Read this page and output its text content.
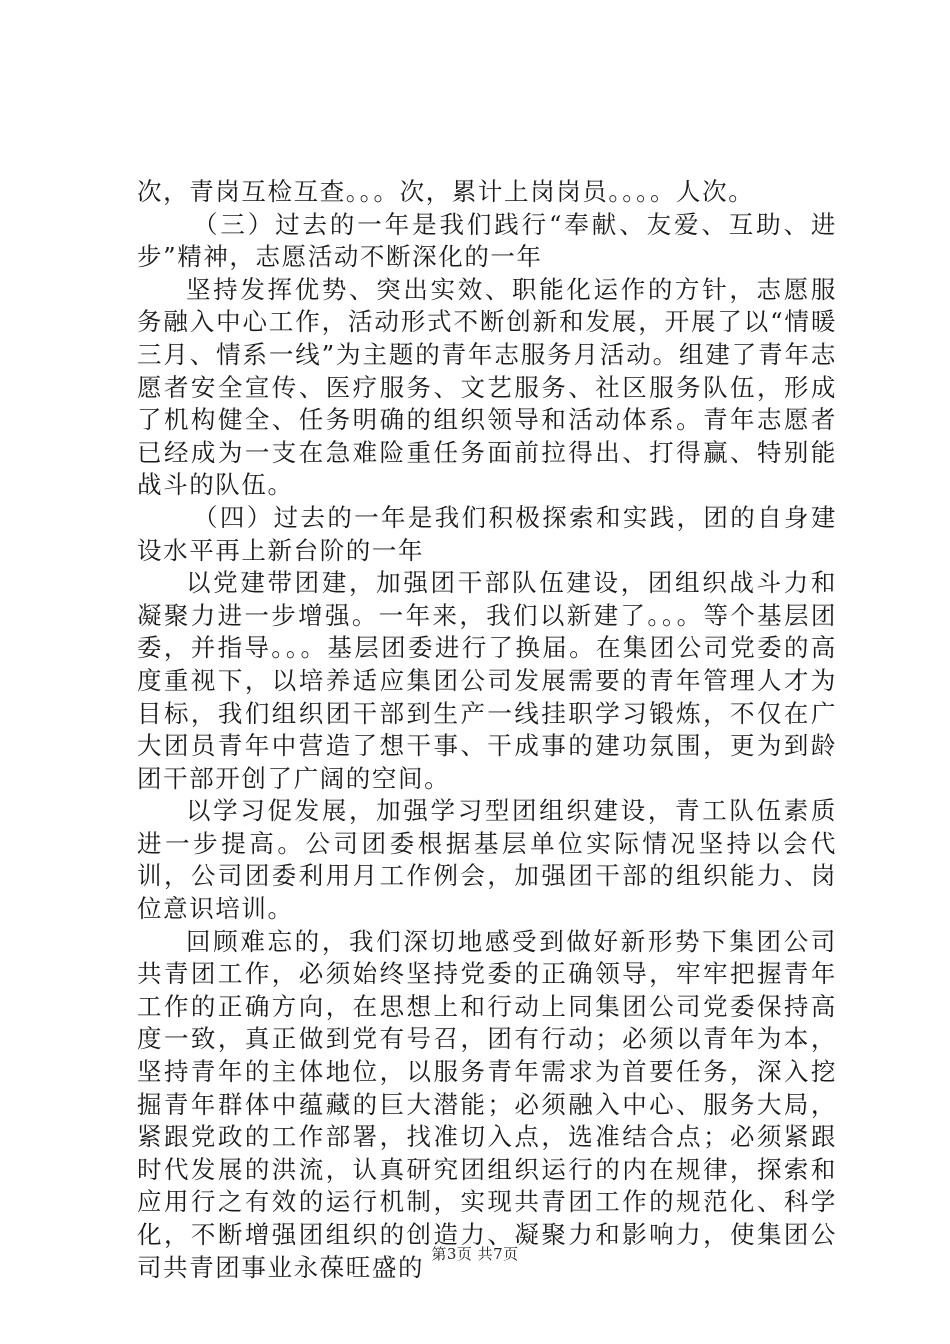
次，青岗互检互查。。。次，累计上岗岗员。。。。人次。

（三）过去的一年是我们践行“奉献、友爱、互助、进步”精神，志愿活动不断深化的一年

坚持发挥优势、突出实效、职能化运作的方针，志愿服务融入中心工作，活动形式不断创新和发展，开展了以“情暖三月、情系一线”为主题的青年志服务月活动。组建了青年志愿者安全宣传、医疗服务、文艺服务、社区服务队伍，形成了机构健全、任务明确的组织领导和活动体系。青年志愿者已经成为一支在急难险重任务面前拉得出、打得赢、特别能战斗的队伍。

（四）过去的一年是我们积极探索和实践，团的自身建设水平再上新台阶的一年

以党建带团建，加强团干部队伍建设，团组织战斗力和凝聚力进一步增强。一年来，我们以新建了。。。等个基层团委，并指导。。。基层团委进行了换届。在集团公司党委的高度重视下，以培养适应集团公司发展需要的青年管理人才为目标，我们组织团干部到生产一线挂职学习锻炼，不仅在广大团员青年中营造了想干事、干成事的建功氛围，更为到龄团干部开创了广阔的空间。

以学习促发展，加强学习型团组织建设，青工队伍素质进一步提高。公司团委根据基层单位实际情况坚持以会代训，公司团委利用月工作例会，加强团干部的组织能力、岗位意识培训。

回顾难忘的，我们深切地感受到做好新形势下集团公司共青团工作，必须始终坚持党委的正确领导，牢牢把握青年工作的正确方向，在思想上和行动上同集团公司党委保持高度一致，真正做到党有号召，团有行动；必须以青年为本，坚持青年的主体地位，以服务青年需求为首要任务，深入挖掘青年群体中蕴藏的巨大潜能；必须融入中心、服务大局，紧跟党政的工作部署，找准切入点，选准结合点；必须紧跟时代发展的洪流，认真研究团组织运行的内在规律，探索和应用行之有效的运行机制，实现共青团工作的规范化、科学化，不断增强团组织的创造力、凝聚力和影响力，使集团公司共青团事业永葆旺盛的 第3页 共7页
